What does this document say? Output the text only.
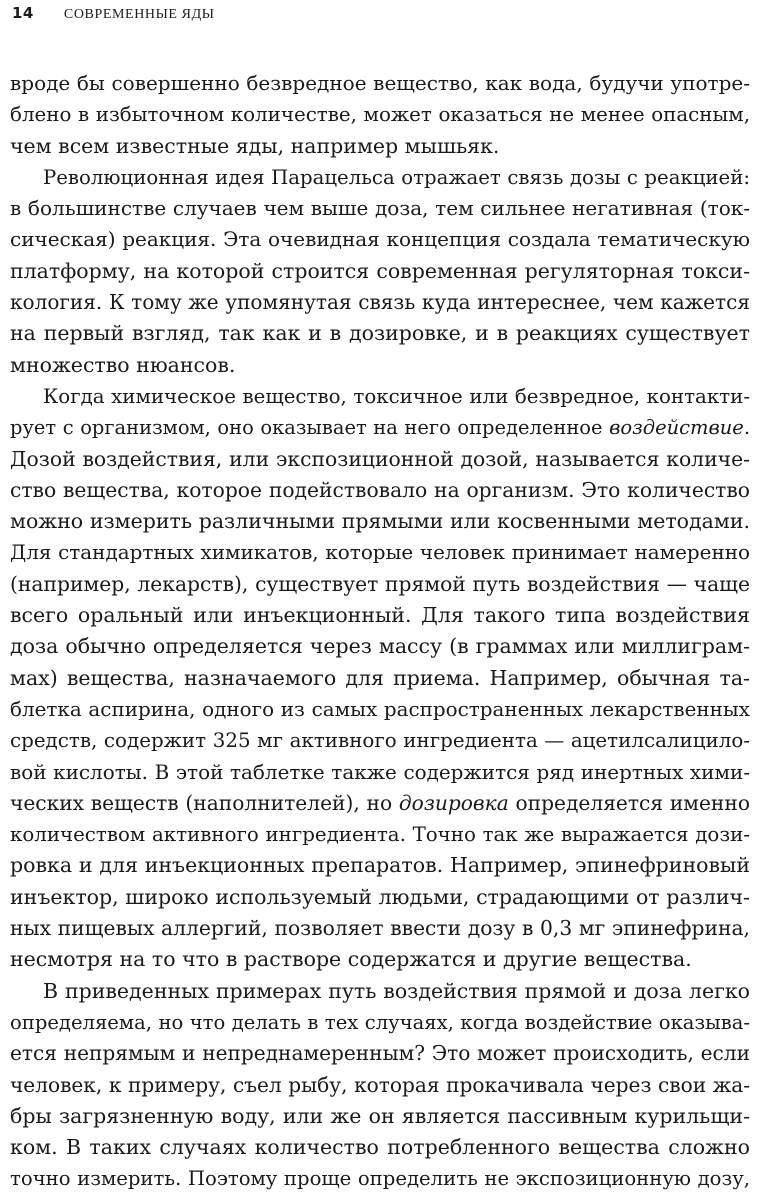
14 СОВРЕМЕННЫЕ ЯДЫ
вроде бы совершенно безвредное вещество, как вода, будучи употре-
блено в избыточном количестве, может оказаться не менее опасным,
чем всем известные яды, например мышьяк.
Революционная идея Парацельса отражает связь дозы с реакцией:
в большинстве случаев чем выше доза, тем сильнее негативная (ток-
сическая) реакция. Эта очевидная концепция создала тематическую
платформу, на которой строится современная регуляторная токси-
кология. К тому же упомянутая связь куда интереснее, чем кажется
на первый взгляд, так как и в дозировке, и в реакциях существует
множество нюансов.
Когда химическое вещество, токсичное или безвредное, контакти-
рует с организмом, оно оказывает на него определенное воздействие.
Дозой воздействия, или экспозиционной дозой, называется количе-
ство вещества, которое подействовало на организм. Это количество
можно измерить различными прямыми или косвенными методами.
Для стандартных химикатов, которые человек принимает намеренно
(например, лекарств), существует прямой путь воздействия — чаще
всего оральный или инъекционный. Для такого типа воздействия
доза обычно определяется через массу (в граммах или миллиграм-
мах) вещества, назначаемого для приема. Например, обычная та-
блетка аспирина, одного из самых распространенных лекарственных
средств, содержит 325 мг активного ингредиента — ацетилсалицило-
вой кислоты. В этой таблетке также содержится ряд инертных хими-
ческих веществ (наполнителей), но дозировка определяется именно
количеством активного ингредиента. Точно так же выражается дози-
ровка и для инъекционных препаратов. Например, эпинефриновый
инъектор, широко используемый людьми, страдающими от различ-
ных пищевых аллергий, позволяет ввести дозу в 0,3 мг эпинефрина,
несмотря на то что в растворе содержатся и другие вещества.
В приведенных примерах путь воздействия прямой и доза легко
определяема, но что делать в тех случаях, когда воздействие оказыва-
ется непрямым и непреднамеренным? Это может происходить, если
человек, к примеру, съел рыбу, которая прокачивала через свои жа-
бры загрязненную воду, или же он является пассивным курильщи-
ком. В таких случаях количество потребленного вещества сложно
точно измерить. Поэтому проще определить не экспозиционную дозу,
